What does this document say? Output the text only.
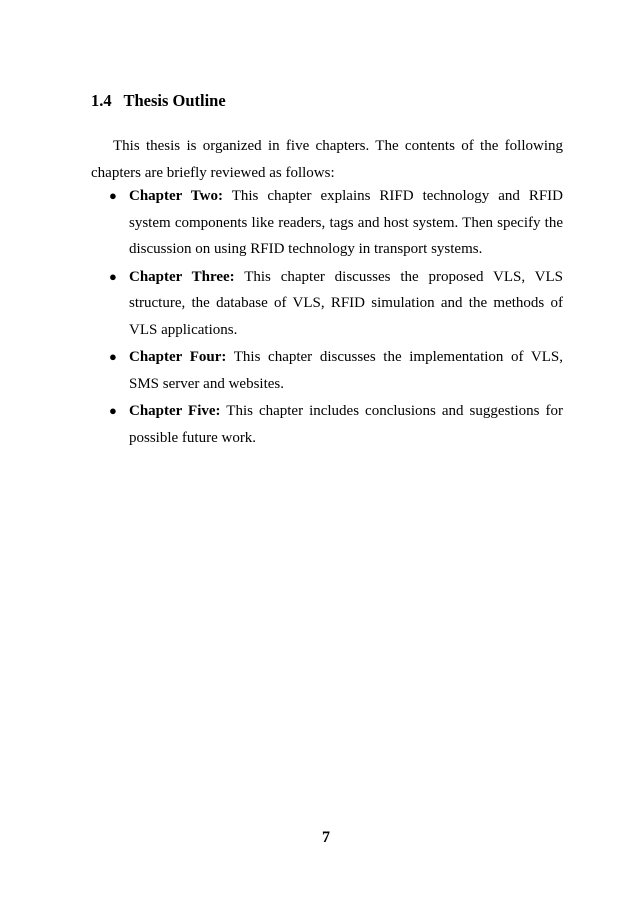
1.4 Thesis Outline

This thesis is organized in five chapters. The contents of the following chapters are briefly reviewed as follows:

● Chapter Two: This chapter explains RIFD technology and RFID system components like readers, tags and host system. Then specify the discussion on using RFID technology in transport systems.
● Chapter Three: This chapter discusses the proposed VLS, VLS structure, the database of VLS, RFID simulation and the methods of VLS applications.
● Chapter Four: This chapter discusses the implementation of VLS, SMS server and websites.
● Chapter Five: This chapter includes conclusions and suggestions for possible future work.
7
